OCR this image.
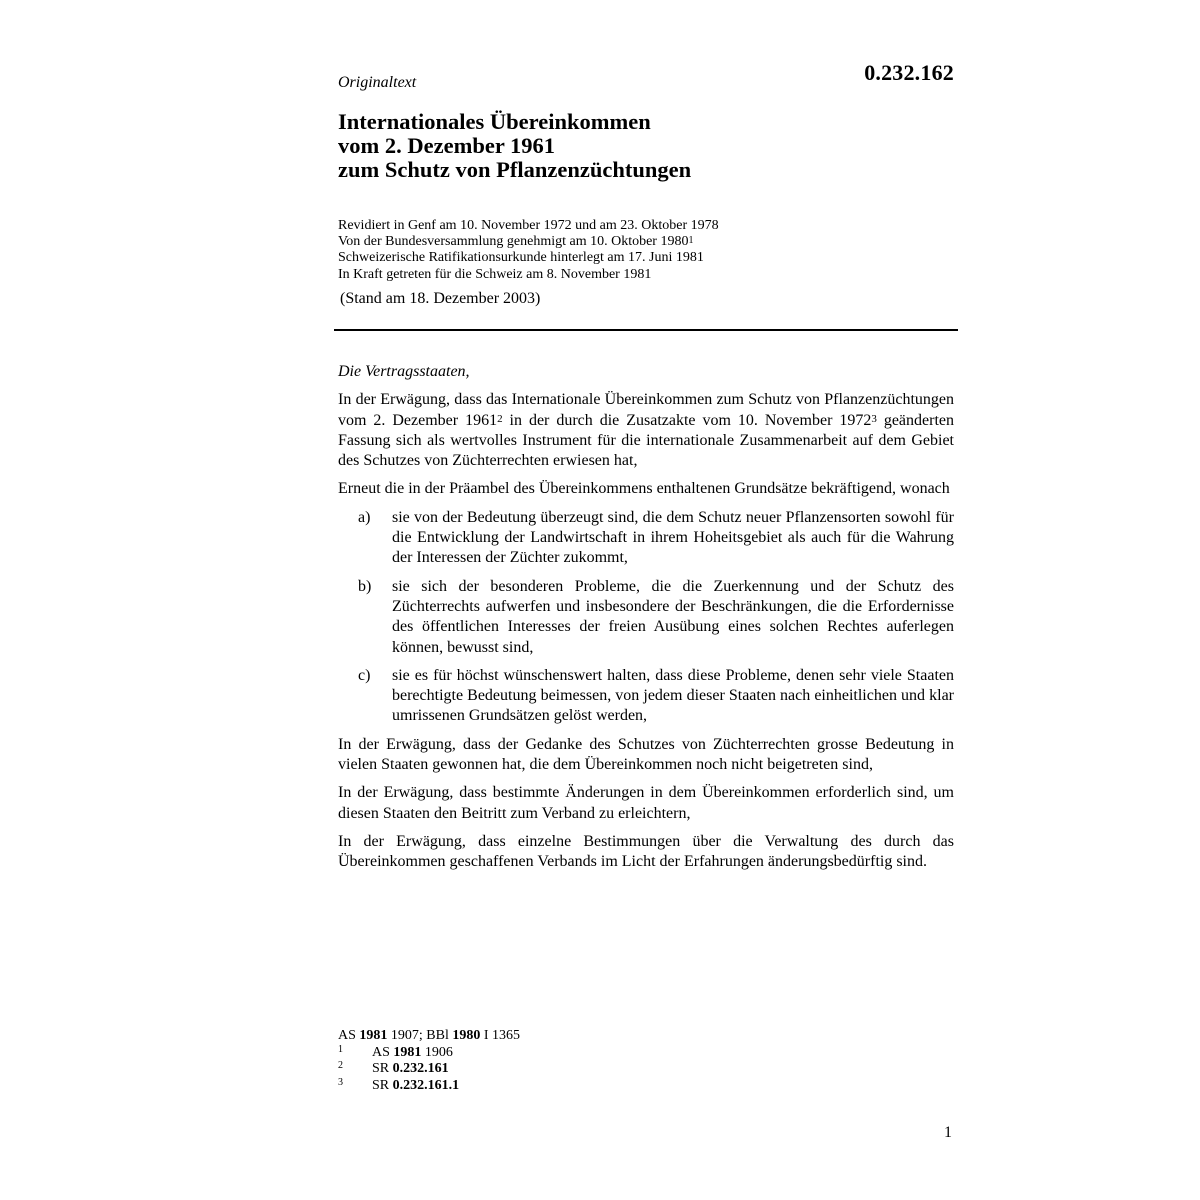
0.232.162
Originaltext
Internationales Übereinkommen
vom 2. Dezember 1961
zum Schutz von Pflanzenzüchtungen
Revidiert in Genf am 10. November 1972 und am 23. Oktober 1978
Von der Bundesversammlung genehmigt am 10. Oktober 1980$^1$
Schweizerische Ratifikationsurkunde hinterlegt am 17. Juni 1981
In Kraft getreten für die Schweiz am 8. November 1981
(Stand am 18. Dezember 2003)

Die Vertragsstaaten,

In der Erwägung, dass das Internationale Übereinkommen zum Schutz von Pflanzenzüchtungen vom 2. Dezember 1961$^2$ in der durch die Zusatzakte vom 10. November 1972$^3$ geänderten Fassung sich als wertvolles Instrument für die internationale Zusammenarbeit auf dem Gebiet des Schutzes von Züchterrechten erwiesen hat,

Erneut die in der Präambel des Übereinkommens enthaltenen Grundsätze bekräftigend, wonach

a)	sie von der Bedeutung überzeugt sind, die dem Schutz neuer Pflanzensorten sowohl für die Entwicklung der Landwirtschaft in ihrem Hoheitsgebiet als auch für die Wahrung der Interessen der Züchter zukommt,
b)	sie sich der besonderen Probleme, die die Zuerkennung und der Schutz des Züchterrechts aufwerfen und insbesondere der Beschränkungen, die die Erfordernisse des öffentlichen Interesses der freien Ausübung eines solchen Rechtes auferlegen können, bewusst sind,
c)	sie es für höchst wünschenswert halten, dass diese Probleme, denen sehr viele Staaten berechtigte Bedeutung beimessen, von jedem dieser Staaten nach einheitlichen und klar umrissenen Grundsätzen gelöst werden,

In der Erwägung, dass der Gedanke des Schutzes von Züchterrechten grosse Bedeutung in vielen Staaten gewonnen hat, die dem Übereinkommen noch nicht beigetreten sind,

In der Erwägung, dass bestimmte Änderungen in dem Übereinkommen erforderlich sind, um diesen Staaten den Beitritt zum Verband zu erleichtern,

In der Erwägung, dass einzelne Bestimmungen über die Verwaltung des durch das Übereinkommen geschaffenen Verbands im Licht der Erfahrungen änderungsbedürftig sind.

AS 1981 1907; BBl 1980 I 1365
1	AS 1981 1906
2	SR 0.232.161
3	SR 0.232.161.1
1
